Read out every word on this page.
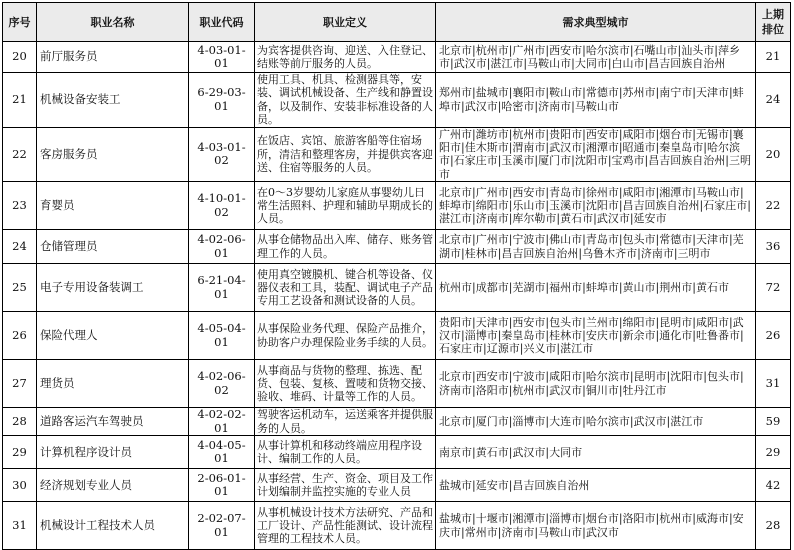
序号	职业名称	职业代码	职业定义	需求典型城市	上期排位
20	前厅服务员	4-03-01-01	为宾客提供咨询、迎送、入住登记、结账等前厅服务的人员。	北京市|杭州市|广州市|西安市|哈尔滨市|石嘴山市|汕头市|萍乡市|武汉市|湛江市|马鞍山市|大同市|白山市|昌吉回族自治州	21
21	机械设备安装工	6-29-03-01	使用工具、机具、检测器具等，安装、调试机械设备、生产线和静置设备，以及制作、安装非标准设备的人员。	郑州市|盐城市|襄阳市|鞍山市|常德市|苏州市|南宁市|天津市|蚌埠市|武汉市|哈密市|济南市|马鞍山市	24
22	客房服务员	4-03-01-02	在饭店、宾馆、旅游客船等住宿场所，清洁和整理客房，并提供宾客迎送、住宿等服务的人员。	广州市|潍坊市|杭州市|贵阳市|西安市|咸阳市|烟台市|无锡市|襄阳市|佳木斯市|渭南市|武汉市|湘潭市|昭通市|秦皇岛市|哈尔滨市|石家庄市|玉溪市|厦门市|沈阳市|宝鸡市|昌吉回族自治州|三明市	20
23	育婴员	4-10-01-02	在0～3岁婴幼儿家庭从事婴幼儿日常生活照料、护理和辅助早期成长的人员。	北京市|广州市|西安市|青岛市|徐州市|咸阳市|湘潭市|马鞍山市|蚌埠市|绵阳市|乐山市|玉溪市|沈阳市|昌吉回族自治州|石家庄市|湛江市|济南市|库尔勒市|黄石市|武汉市|延安市	22
24	仓储管理员	4-02-06-01	从事仓储物品出入库、储存、账务管理工作的人员。	北京市|广州市|宁波市|佛山市|青岛市|包头市|常德市|天津市|芜湖市|桂林市|昌吉回族自治州|乌鲁木齐市|济南市|三明市	36
25	电子专用设备装调工	6-21-04-01	使用真空镀膜机、键合机等设备、仪器仪表和工具，装配、调试电子产品专用工艺设备和测试设备的人员。	杭州市|成都市|芜湖市|福州市|蚌埠市|黄山市|荆州市|黄石市	72
26	保险代理人	4-05-04-01	从事保险业务代理、保险产品推介，协助客户办理保险业务手续的人员。	贵阳市|天津市|西安市|包头市|兰州市|绵阳市|昆明市|咸阳市|武汉市|淄博市|秦皇岛市|桂林市|安庆市|新余市|通化市|吐鲁番市|石家庄市|辽源市|兴义市|湛江市	26
27	理货员	4-02-06-02	从事商品与货物的整理、拣选、配货、包装、复核、置唛和货物交接、验收、堆码、计量等工作的人员。	北京市|西安市|宁波市|咸阳市|哈尔滨市|昆明市|沈阳市|包头市|济南市|洛阳市|杭州市|武汉市|铜川市|牡丹江市	31
28	道路客运汽车驾驶员	4-02-02-01	驾驶客运机动车，运送乘客并提供服务的人员。	北京市|厦门市|淄博市|大连市|哈尔滨市|武汉市|湛江市	59
29	计算机程序设计员	4-04-05-01	从事计算机和移动终端应用程序设计、编制工作的人员。	南京市|黄石市|武汉市|大同市	29
30	经济规划专业人员	2-06-01-01	从事经营、生产、资金、项目及工作计划编制并监控实施的专业人员	盐城市|延安市|昌吉回族自治州	42
31	机械设计工程技术人员	2-02-07-01	从事机械设计技术方法研究、产品和工厂设计、产品性能测试、设计流程管理的工程技术人员。	盐城市|十堰市|湘潭市|淄博市|烟台市|洛阳市|杭州市|威海市|安庆市|常州市|济南市|马鞍山市|武汉市	28
